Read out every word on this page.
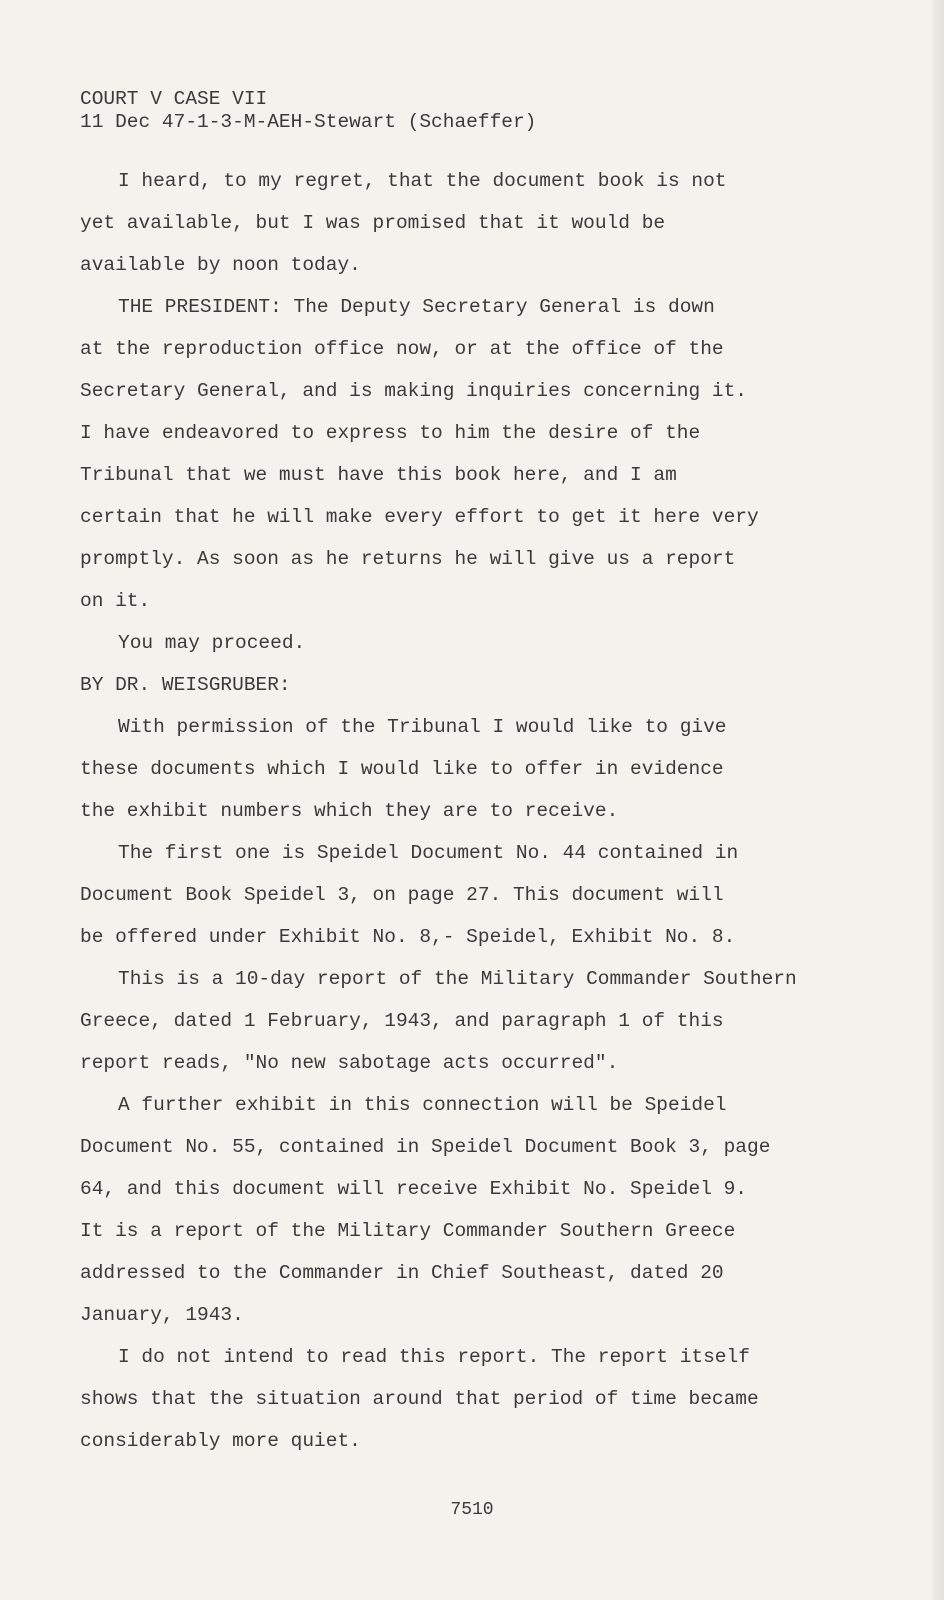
COURT V CASE VII
11 Dec 47-1-3-M-AEH-Stewart (Schaeffer)
I heard, to my regret, that the document book is not
yet available, but I was promised that it would be
available by noon today.
THE PRESIDENT: The Deputy Secretary General is down
at the reproduction office now, or at the office of the
Secretary General, and is making inquiries concerning it.
I have endeavored to express to him the desire of the
Tribunal that we must have this book here, and I am
certain that he will make every effort to get it here very
promptly. As soon as he returns he will give us a report
on it.
You may proceed.
BY DR. WEISGRUBER:
With permission of the Tribunal I would like to give
these documents which I would like to offer in evidence
the exhibit numbers which they are to receive.
The first one is Speidel Document No. 44 contained in
Document Book Speidel 3, on page 27. This document will
be offered under Exhibit No. 8,- Speidel, Exhibit No. 8.
This is a 10-day report of the Military Commander Southern
Greece, dated 1 February, 1943, and paragraph 1 of this
report reads, "No new sabotage acts occurred".
A further exhibit in this connection will be Speidel
Document No. 55, contained in Speidel Document Book 3, page
64, and this document will receive Exhibit No. Speidel 9.
It is a report of the Military Commander Southern Greece
addressed to the Commander in Chief Southeast, dated 20
January, 1943.
I do not intend to read this report. The report itself
shows that the situation around that period of time became
considerably more quiet.
7510
